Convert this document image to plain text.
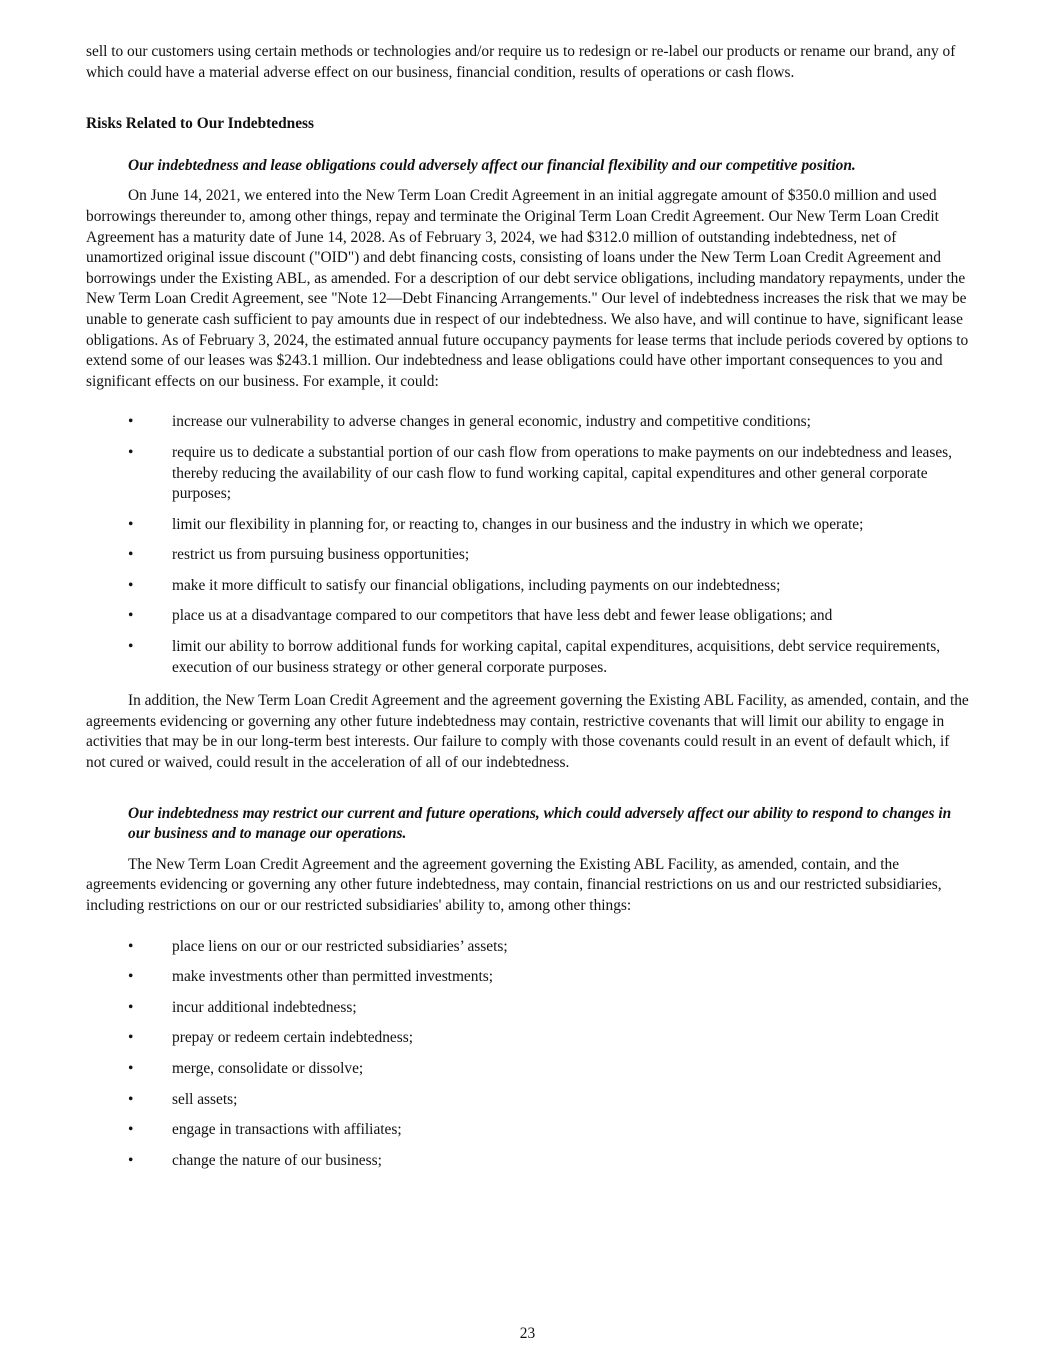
sell to our customers using certain methods or technologies and/or require us to redesign or re-label our products or rename our brand, any of which could have a material adverse effect on our business, financial condition, results of operations or cash flows.

Risks Related to Our Indebtedness

Our indebtedness and lease obligations could adversely affect our financial flexibility and our competitive position.

On June 14, 2021, we entered into the New Term Loan Credit Agreement in an initial aggregate amount of $350.0 million and used borrowings thereunder to, among other things, repay and terminate the Original Term Loan Credit Agreement. Our New Term Loan Credit Agreement has a maturity date of June 14, 2028. As of February 3, 2024, we had $312.0 million of outstanding indebtedness, net of unamortized original issue discount ("OID") and debt financing costs, consisting of loans under the New Term Loan Credit Agreement and borrowings under the Existing ABL, as amended. For a description of our debt service obligations, including mandatory repayments, under the New Term Loan Credit Agreement, see "Note 12—Debt Financing Arrangements." Our level of indebtedness increases the risk that we may be unable to generate cash sufficient to pay amounts due in respect of our indebtedness. We also have, and will continue to have, significant lease obligations. As of February 3, 2024, the estimated annual future occupancy payments for lease terms that include periods covered by options to extend some of our leases was $243.1 million. Our indebtedness and lease obligations could have other important consequences to you and significant effects on our business. For example, it could:

•	increase our vulnerability to adverse changes in general economic, industry and competitive conditions;
•	require us to dedicate a substantial portion of our cash flow from operations to make payments on our indebtedness and leases, thereby reducing the availability of our cash flow to fund working capital, capital expenditures and other general corporate purposes;
•	limit our flexibility in planning for, or reacting to, changes in our business and the industry in which we operate;
•	restrict us from pursuing business opportunities;
•	make it more difficult to satisfy our financial obligations, including payments on our indebtedness;
•	place us at a disadvantage compared to our competitors that have less debt and fewer lease obligations; and
•	limit our ability to borrow additional funds for working capital, capital expenditures, acquisitions, debt service requirements, execution of our business strategy or other general corporate purposes.

In addition, the New Term Loan Credit Agreement and the agreement governing the Existing ABL Facility, as amended, contain, and the agreements evidencing or governing any other future indebtedness may contain, restrictive covenants that will limit our ability to engage in activities that may be in our long-term best interests. Our failure to comply with those covenants could result in an event of default which, if not cured or waived, could result in the acceleration of all of our indebtedness.

Our indebtedness may restrict our current and future operations, which could adversely affect our ability to respond to changes in our business and to manage our operations.

The New Term Loan Credit Agreement and the agreement governing the Existing ABL Facility, as amended, contain, and the agreements evidencing or governing any other future indebtedness, may contain, financial restrictions on us and our restricted subsidiaries, including restrictions on our or our restricted subsidiaries' ability to, among other things:

•	place liens on our or our restricted subsidiaries’ assets;
•	make investments other than permitted investments;
•	incur additional indebtedness;
•	prepay or redeem certain indebtedness;
•	merge, consolidate or dissolve;
•	sell assets;
•	engage in transactions with affiliates;
•	change the nature of our business;
23
